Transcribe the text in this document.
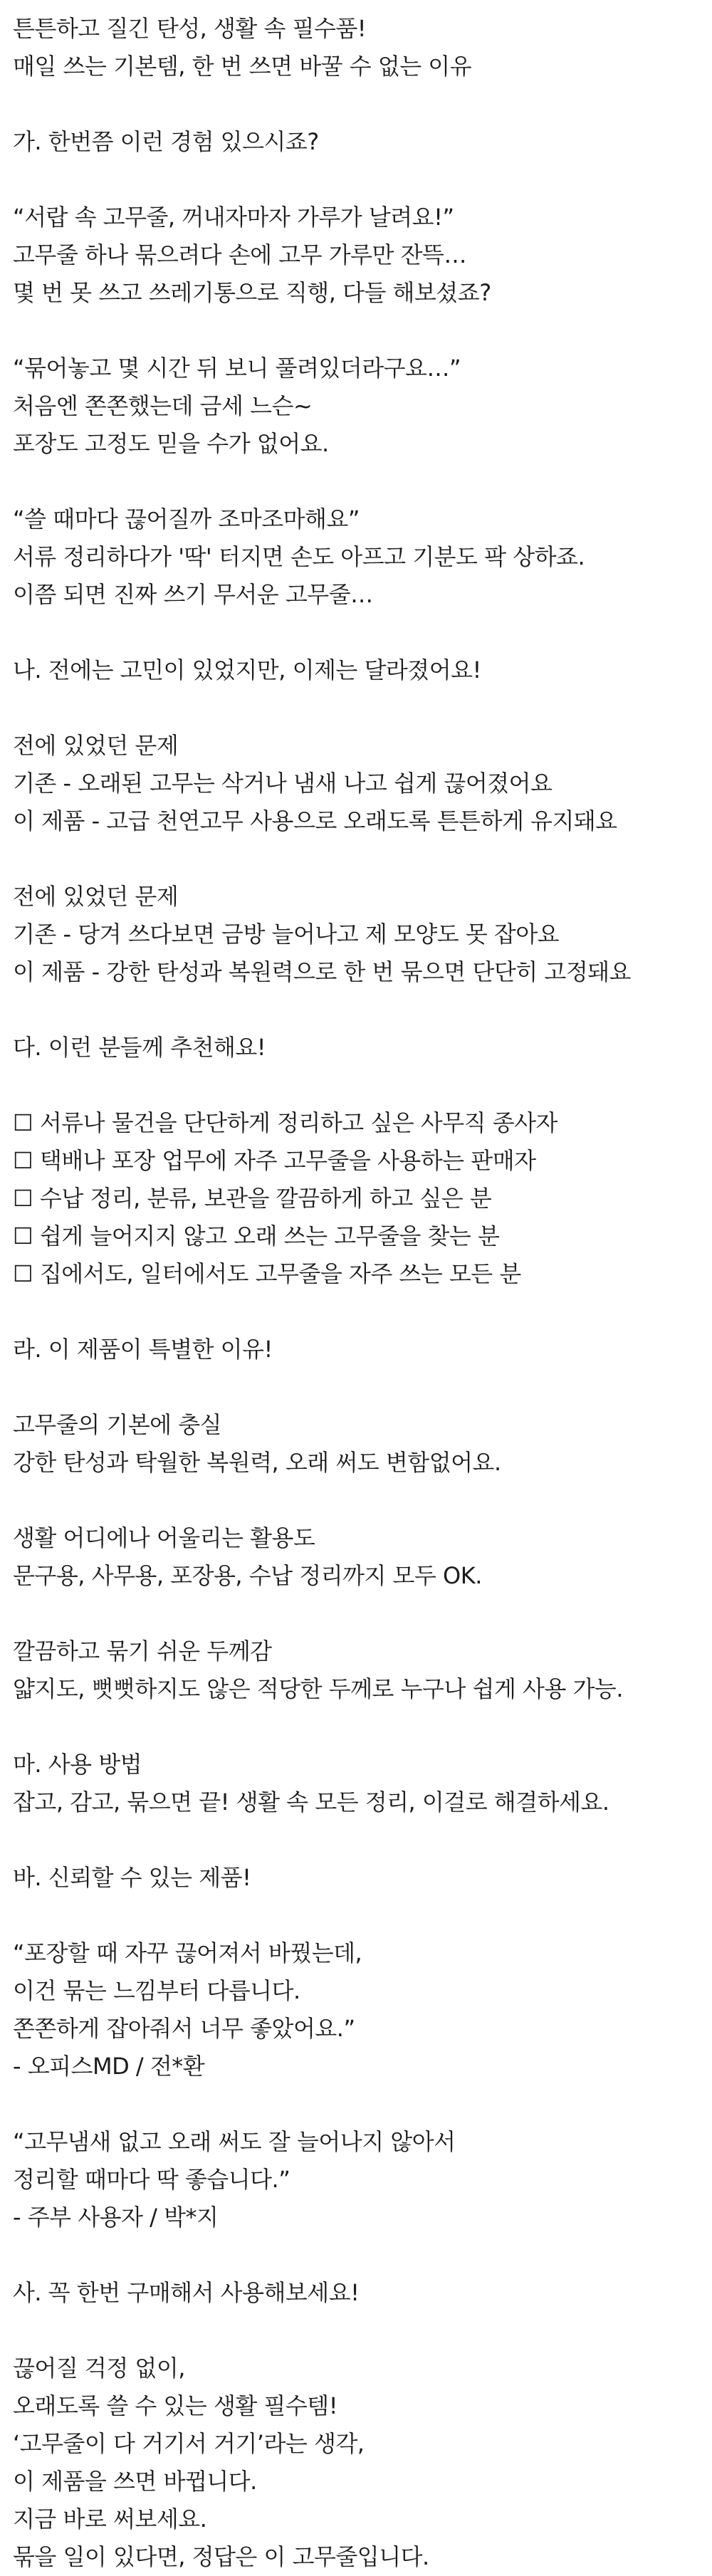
튼튼하고 질긴 탄성, 생활 속 필수품!
매일 쓰는 기본템, 한 번 쓰면 바꿀 수 없는 이유
가. 한번쯤 이런 경험 있으시죠?
“서랍 속 고무줄, 꺼내자마자 가루가 날려요!”
고무줄 하나 묶으려다 손에 고무 가루만 잔뜩…
몇 번 못 쓰고 쓰레기통으로 직행, 다들 해보셨죠?
“묶어놓고 몇 시간 뒤 보니 풀려있더라구요…”
처음엔 쫀쫀했는데 금세 느슨~
포장도 고정도 믿을 수가 없어요.
“쓸 때마다 끊어질까 조마조마해요”
서류 정리하다가 '딱' 터지면 손도 아프고 기분도 팍 상하죠.
이쯤 되면 진짜 쓰기 무서운 고무줄…
나. 전에는 고민이 있었지만, 이제는 달라졌어요!
전에 있었던 문제
기존 - 오래된 고무는 삭거나 냄새 나고 쉽게 끊어졌어요
이 제품 - 고급 천연고무 사용으로 오래도록 튼튼하게 유지돼요
전에 있었던 문제
기존 - 당겨 쓰다보면 금방 늘어나고 제 모양도 못 잡아요
이 제품 - 강한 탄성과 복원력으로 한 번 묶으면 단단히 고정돼요
다. 이런 분들께 추천해요!
☐ 서류나 물건을 단단하게 정리하고 싶은 사무직 종사자
☐ 택배나 포장 업무에 자주 고무줄을 사용하는 판매자
☐ 수납 정리, 분류, 보관을 깔끔하게 하고 싶은 분
☐ 쉽게 늘어지지 않고 오래 쓰는 고무줄을 찾는 분
☐ 집에서도, 일터에서도 고무줄을 자주 쓰는 모든 분
라. 이 제품이 특별한 이유!
고무줄의 기본에 충실
강한 탄성과 탁월한 복원력, 오래 써도 변함없어요.
생활 어디에나 어울리는 활용도
문구용, 사무용, 포장용, 수납 정리까지 모두 OK.
깔끔하고 묶기 쉬운 두께감
얇지도, 뻣뻣하지도 않은 적당한 두께로 누구나 쉽게 사용 가능.
마. 사용 방법
잡고, 감고, 묶으면 끝! 생활 속 모든 정리, 이걸로 해결하세요.
바. 신뢰할 수 있는 제품!
“포장할 때 자꾸 끊어져서 바꿨는데,
이건 묶는 느낌부터 다릅니다.
쫀쫀하게 잡아줘서 너무 좋았어요.”
- 오피스MD / 전*환
“고무냄새 없고 오래 써도 잘 늘어나지 않아서
정리할 때마다 딱 좋습니다.”
- 주부 사용자 / 박*지
사. 꼭 한번 구매해서 사용해보세요!
끊어질 걱정 없이,
오래도록 쓸 수 있는 생활 필수템!
‘고무줄이 다 거기서 거기’라는 생각,
이 제품을 쓰면 바뀝니다.
지금 바로 써보세요.
묶을 일이 있다면, 정답은 이 고무줄입니다.
